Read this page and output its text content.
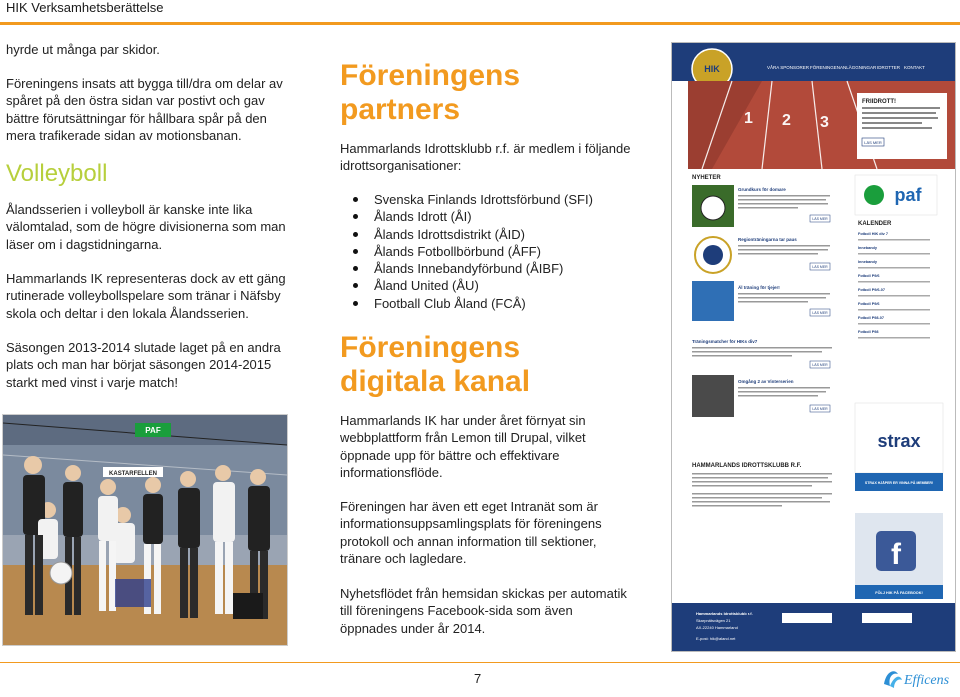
HIK Verksamhetsberättelse

hyrde ut många par skidor.

Föreningens insats att bygga till/dra om delar av
spåret på den östra sidan var postivt och gav
bättre förutsättningar för hållbara spår på den
mera trafikerade sidan av motionsbanan.

Volleyboll

Ålandsserien i volleyboll är kanske inte lika
välomtalad, som de högre divisionerna som man
läser om i dagstidningarna.

Hammarlands IK representeras dock av ett gäng
rutinerade volleybollspelare som tränar i Näfsby
skola och deltar i den lokala Ålandsserien.

Säsongen 2013-2014 slutade laget på en andra
plats och man har börjat säsongen 2014-2015
starkt med vinst i varje match!

PAF
KASTARFELLEN
Föreningens
partners

Hammarlands Idrottsklubb r.f. är medlem i följande
idrottsorganisationer:

Svenska Finlands Idrottsförbund (SFI)
Ålands Idrott (ÅI)
Ålands Idrottsdistrikt (ÅID)
Ålands Fotbollbörbund (ÅFF)
Ålands Innebandyförbund (ÅIBF)
Åland United (ÅU)
Football Club Åland (FCÅ)
Föreningens
digitala kanal

Hammarlands IK har under året förnyat sin
webbplattform från Lemon till Drupal, vilket
öppnade upp för bättre och effektivare
informationsflöde.

Föreningen har även ett eget Intranät som är
informationsuppsamlingsplats för föreningens
protokoll och annan information till sektioner,
tränare och lagledare.

Nyhetsflödet från hemsidan skickas per automatik
till föreningens Facebook-sida som även
öppnades under år 2014.

HIK	VÅRA SPONSORER FÖRENINGEN ANLÄGGNINGAR IDROTTER KONTAKT
1 2 3
FRIIDROTT!
LÄS MER
NYHETER
Grundkurs för domare
LÄS MER
Regionträningarna tar paus
LÄS MER
Äl träning för tjejer!
LÄS MER
Träningsmatcher för HIKs div7
LÄS MER
Omgång 2 av Vinterserien
LÄS MER
paf
KALENDER
Fotboll HIK div 7
Innebandy
Innebandy
Fotboll P9/6
Fotboll P9/6-07
Fotboll P9/6
Fotboll P98-07
Fotboll P98
strax
STRAX HJÄPER ER VINNA PÅ MEMBER!
f
FÖLJ HIK PÅ FACEBOOK!
HAMMARLANDS IDROTTSKLUBB R.F.
Hammarlands Idrottsklubb r.f.
Skarpnätsvägen 21
AX-22240 Hammarland
E-post: hik@aland.net
7	Efficens
